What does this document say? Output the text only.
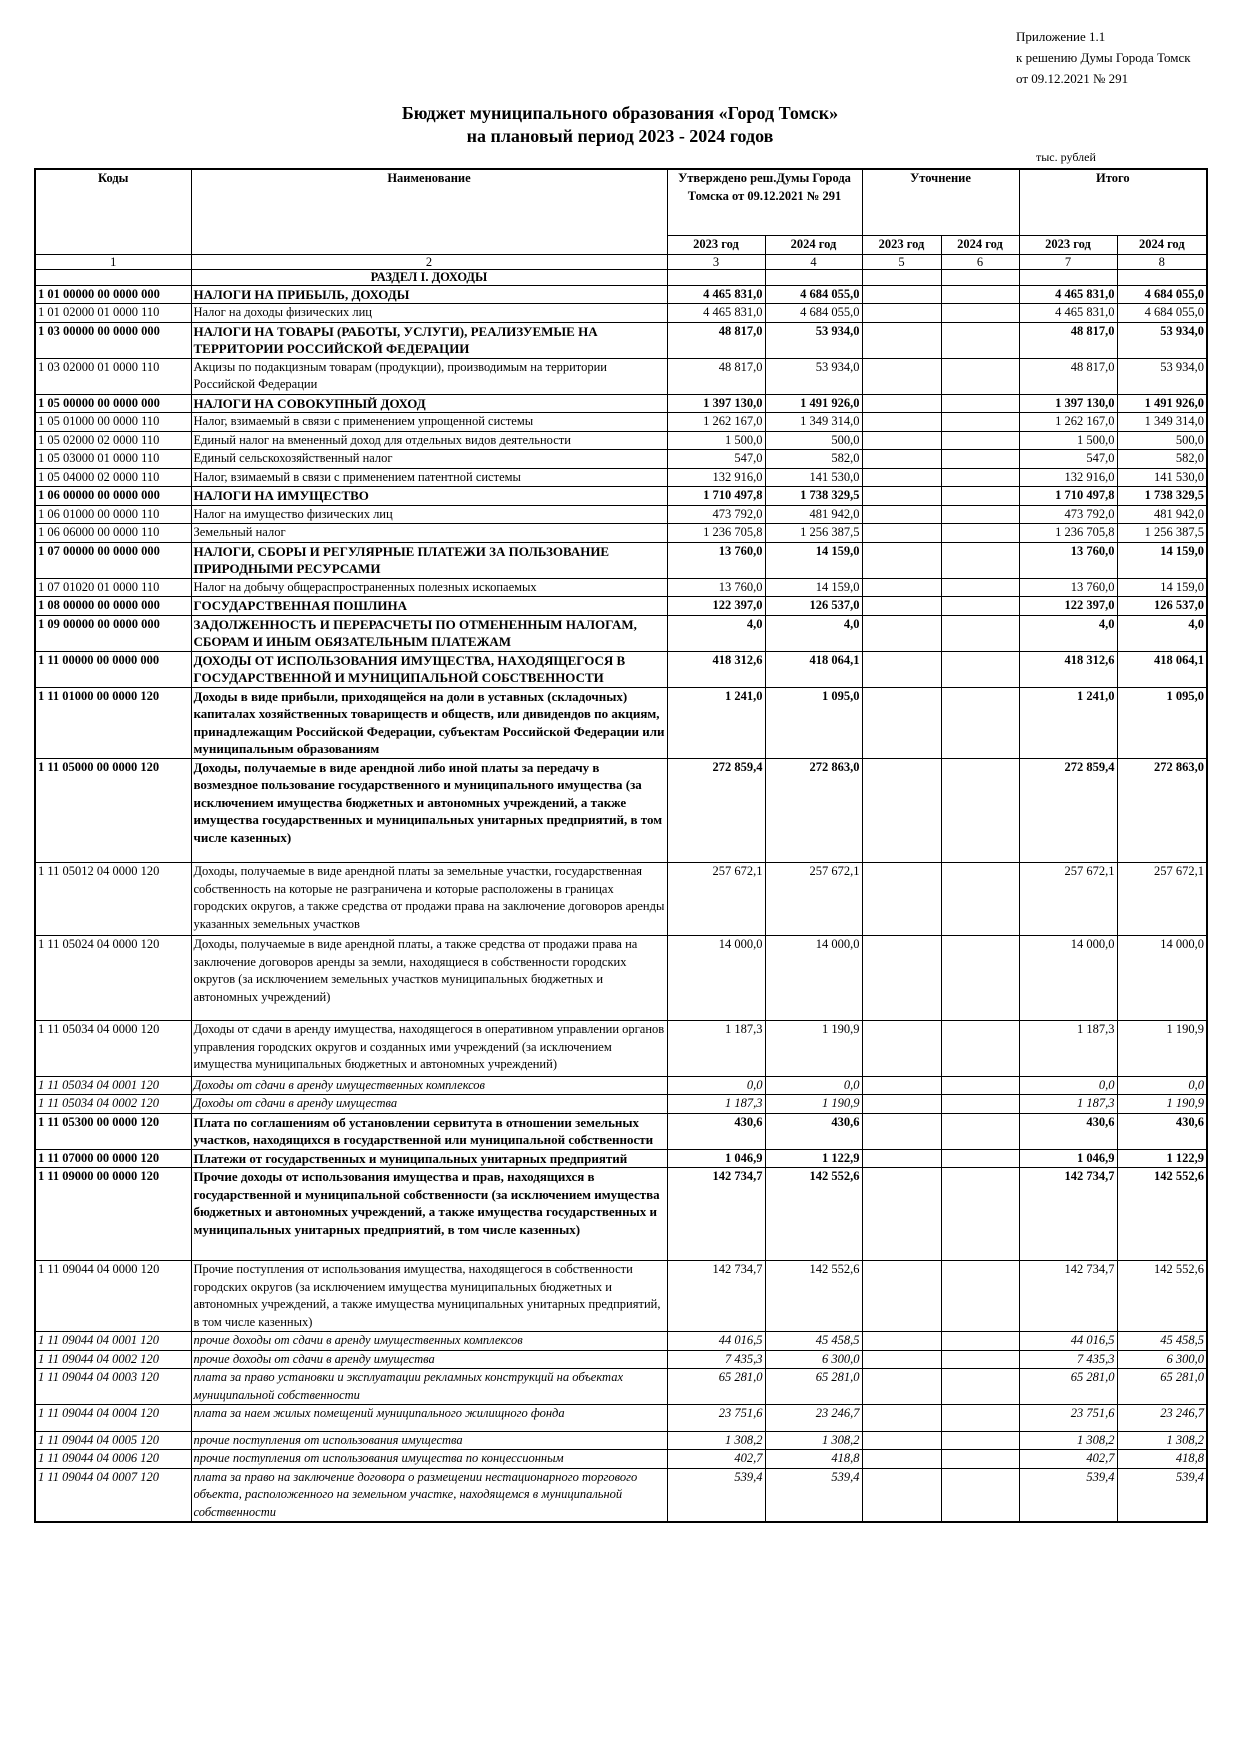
Приложение 1.1
к решению Думы Города Томск
от 09.12.2021 № 291
Бюджет муниципального образования «Город Томск»
на плановый период 2023 - 2024 годов
тыс. рублей
Коды	Наименование	Утверждено реш.Думы Города Томска от 09.12.2021 № 291		Уточнение		Итого	
		2023 год	2024 год	2023 год	2024 год	2023 год	2024 год
1	2	3	4	5	6	7	8
	РАЗДЕЛ I. ДОХОДЫ						
1 01 00000 00 0000 000	НАЛОГИ НА ПРИБЫЛЬ, ДОХОДЫ	4 465 831,0	4 684 055,0			4 465 831,0	4 684 055,0
1 01 02000 01 0000 110	Налог на доходы физических лиц	4 465 831,0	4 684 055,0			4 465 831,0	4 684 055,0
1 03 00000 00 0000 000	НАЛОГИ НА ТОВАРЫ (РАБОТЫ, УСЛУГИ), РЕАЛИЗУЕМЫЕ НА ТЕРРИТОРИИ РОССИЙСКОЙ ФЕДЕРАЦИИ	48 817,0	53 934,0			48 817,0	53 934,0
1 03 02000 01 0000 110	Акцизы по подакцизным товарам (продукции), производимым на территории Российской Федерации	48 817,0	53 934,0			48 817,0	53 934,0
1 05 00000 00 0000 000	НАЛОГИ НА СОВОКУПНЫЙ ДОХОД	1 397 130,0	1 491 926,0			1 397 130,0	1 491 926,0
1 05 01000 00 0000 110	Налог, взимаемый в связи с применением упрощенной системы	1 262 167,0	1 349 314,0			1 262 167,0	1 349 314,0
1 05 02000 02 0000 110	Единый налог на вмененный доход для отдельных видов деятельности	1 500,0	500,0			1 500,0	500,0
1 05 03000 01 0000 110	Единый сельскохозяйственный налог	547,0	582,0			547,0	582,0
1 05 04000 02 0000 110	Налог, взимаемый в связи с применением патентной системы	132 916,0	141 530,0			132 916,0	141 530,0
1 06 00000 00 0000 000	НАЛОГИ НА ИМУЩЕСТВО	1 710 497,8	1 738 329,5			1 710 497,8	1 738 329,5
1 06 01000 00 0000 110	Налог на имущество физических лиц	473 792,0	481 942,0			473 792,0	481 942,0
1 06 06000 00 0000 110	Земельный налог	1 236 705,8	1 256 387,5			1 236 705,8	1 256 387,5
1 07 00000 00 0000 000	НАЛОГИ, СБОРЫ И РЕГУЛЯРНЫЕ ПЛАТЕЖИ ЗА ПОЛЬЗОВАНИЕ ПРИРОДНЫМИ РЕСУРСАМИ	13 760,0	14 159,0			13 760,0	14 159,0
1 07 01020 01 0000 110	Налог на добычу общераспространенных полезных ископаемых	13 760,0	14 159,0			13 760,0	14 159,0
1 08 00000 00 0000 000	ГОСУДАРСТВЕННАЯ ПОШЛИНА	122 397,0	126 537,0			122 397,0	126 537,0
1 09 00000 00 0000 000	ЗАДОЛЖЕННОСТЬ И ПЕРЕРАСЧЕТЫ ПО ОТМЕНЕННЫМ НАЛОГАМ, СБОРАМ И ИНЫМ ОБЯЗАТЕЛЬНЫМ ПЛАТЕЖАМ	4,0	4,0			4,0	4,0
1 11 00000 00 0000 000	ДОХОДЫ ОТ ИСПОЛЬЗОВАНИЯ ИМУЩЕСТВА, НАХОДЯЩЕГОСЯ В ГОСУДАРСТВЕННОЙ И МУНИЦИПАЛЬНОЙ СОБСТВЕННОСТИ	418 312,6	418 064,1			418 312,6	418 064,1
1 11 01000 00 0000 120	Доходы в виде прибыли, приходящейся на доли в уставных (складочных) капиталах хозяйственных товариществ и обществ, или дивидендов по акциям, принадлежащим Российской Федерации, субъектам Российской Федерации или муниципальным образованиям	1 241,0	1 095,0			1 241,0	1 095,0
1 11 05000 00 0000 120	Доходы, получаемые в виде арендной либо иной платы за передачу в возмездное пользование государственного и муниципального имущества (за исключением имущества бюджетных и автономных учреждений, а также имущества государственных и муниципальных унитарных предприятий, в том числе казенных)	272 859,4	272 863,0			272 859,4	272 863,0
1 11 05012 04 0000 120	Доходы, получаемые в виде арендной платы за земельные участки, государственная собственность на которые не разграничена и которые расположены в границах городских округов, а также средства от продажи права на заключение договоров аренды указанных земельных участков	257 672,1	257 672,1			257 672,1	257 672,1
1 11 05024 04 0000 120	Доходы, получаемые в виде арендной платы, а также средства от продажи права на заключение договоров аренды за земли, находящиеся в собственности городских округов (за исключением земельных участков муниципальных бюджетных и автономных учреждений)	14 000,0	14 000,0			14 000,0	14 000,0
1 11 05034 04 0000 120	Доходы от сдачи в аренду имущества, находящегося в оперативном управлении органов управления городских округов и созданных ими учреждений (за исключением имущества муниципальных бюджетных и автономных учреждений)	1 187,3	1 190,9			1 187,3	1 190,9
1 11 05034 04 0001 120	Доходы от сдачи в аренду имущественных комплексов	0,0	0,0			0,0	0,0
1 11 05034 04 0002 120	Доходы от сдачи в аренду имущества	1 187,3	1 190,9			1 187,3	1 190,9
1 11 05300 00 0000 120	Плата по соглашениям об установлении сервитута в отношении земельных участков, находящихся в государственной или муниципальной собственности	430,6	430,6			430,6	430,6
1 11 07000 00 0000 120	Платежи от государственных и муниципальных унитарных предприятий	1 046,9	1 122,9			1 046,9	1 122,9
1 11 09000 00 0000 120	Прочие доходы от использования имущества и прав, находящихся в государственной и муниципальной собственности (за исключением имущества бюджетных и автономных учреждений, а также имущества государственных и муниципальных унитарных предприятий, в том числе казенных)	142 734,7	142 552,6			142 734,7	142 552,6
1 11 09044 04 0000 120	Прочие поступления от использования имущества, находящегося в собственности городских округов (за исключением имущества муниципальных бюджетных и автономных учреждений, а также имущества муниципальных унитарных предприятий, в том числе казенных)	142 734,7	142 552,6			142 734,7	142 552,6
1 11 09044 04 0001 120	прочие доходы от сдачи в аренду имущественных комплексов	44 016,5	45 458,5			44 016,5	45 458,5
1 11 09044 04 0002 120	прочие доходы от сдачи в аренду имущества	7 435,3	6 300,0			7 435,3	6 300,0
1 11 09044 04 0003 120	плата за право установки и эксплуатации рекламных конструкций на объектах муниципальной собственности	65 281,0	65 281,0			65 281,0	65 281,0
1 11 09044 04 0004 120	плата за наем жилых помещений муниципального жилищного фонда	23 751,6	23 246,7			23 751,6	23 246,7
1 11 09044 04 0005 120	прочие поступления от использования имущества	1 308,2	1 308,2			1 308,2	1 308,2
1 11 09044 04 0006 120	прочие поступления от использования имущества по концессионным	402,7	418,8			402,7	418,8
1 11 09044 04 0007 120	плата за право на заключение договора о размещении нестационарного торгового объекта, расположенного на земельном участке, находящемся в муниципальной собственности	539,4	539,4			539,4	539,4
